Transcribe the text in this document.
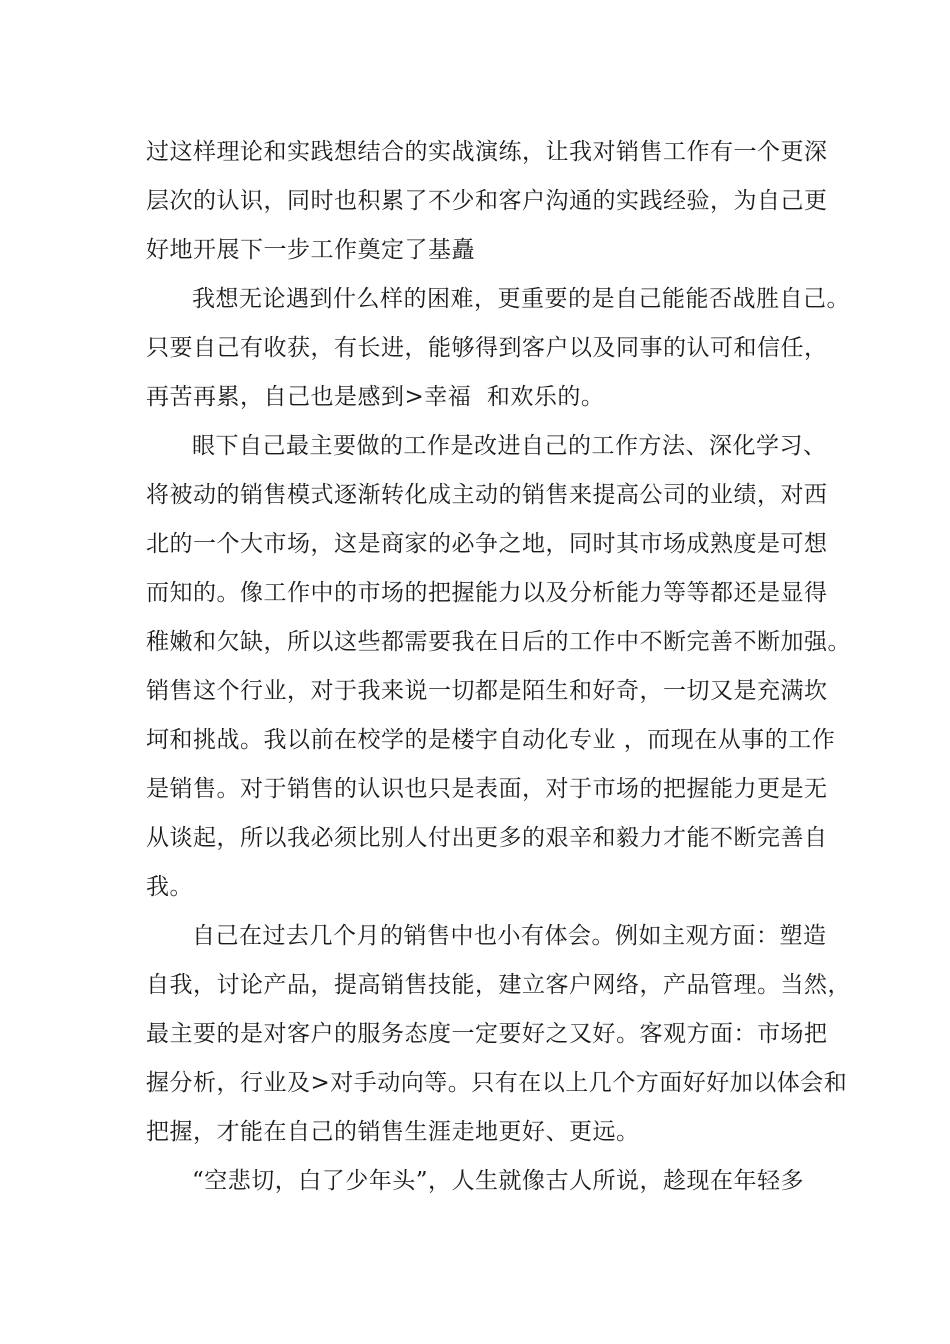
过这样理论和实践想结合的实战演练，让我对销售工作有一个更深
层次的认识，同时也积累了不少和客户沟通的实践经验，为自己更
好地开展下一步工作奠定了基矗
我想无论遇到什么样的困难，更重要的是自己能能否战胜自己。
只要自己有收获，有长进，能够得到客户以及同事的认可和信任，
再苦再累，自己也是感到>幸福  和欢乐的。
眼下自己最主要做的工作是改进自己的工作方法、深化学习、
将被动的销售模式逐渐转化成主动的销售来提高公司的业绩，对西
北的一个大市场，这是商家的必争之地，同时其市场成熟度是可想
而知的。像工作中的市场的把握能力以及分析能力等等都还是显得
稚嫩和欠缺，所以这些都需要我在日后的工作中不断完善不断加强。
销售这个行业，对于我来说一切都是陌生和好奇，一切又是充满坎
坷和挑战。我以前在校学的是楼宇自动化专业 ，而现在从事的工作
是销售。对于销售的认识也只是表面，对于市场的把握能力更是无
从谈起，所以我必须比别人付出更多的艰辛和毅力才能不断完善自
我。
自己在过去几个月的销售中也小有体会。例如主观方面：塑造
自我，讨论产品，提高销售技能，建立客户网络，产品管理。当然，
最主要的是对客户的服务态度一定要好之又好。客观方面：市场把
握分析，行业及>对手动向等。只有在以上几个方面好好加以体会和
把握，才能在自己的销售生涯走地更好、更远。
“空悲切，白了少年头”，人生就像古人所说，趁现在年轻多
